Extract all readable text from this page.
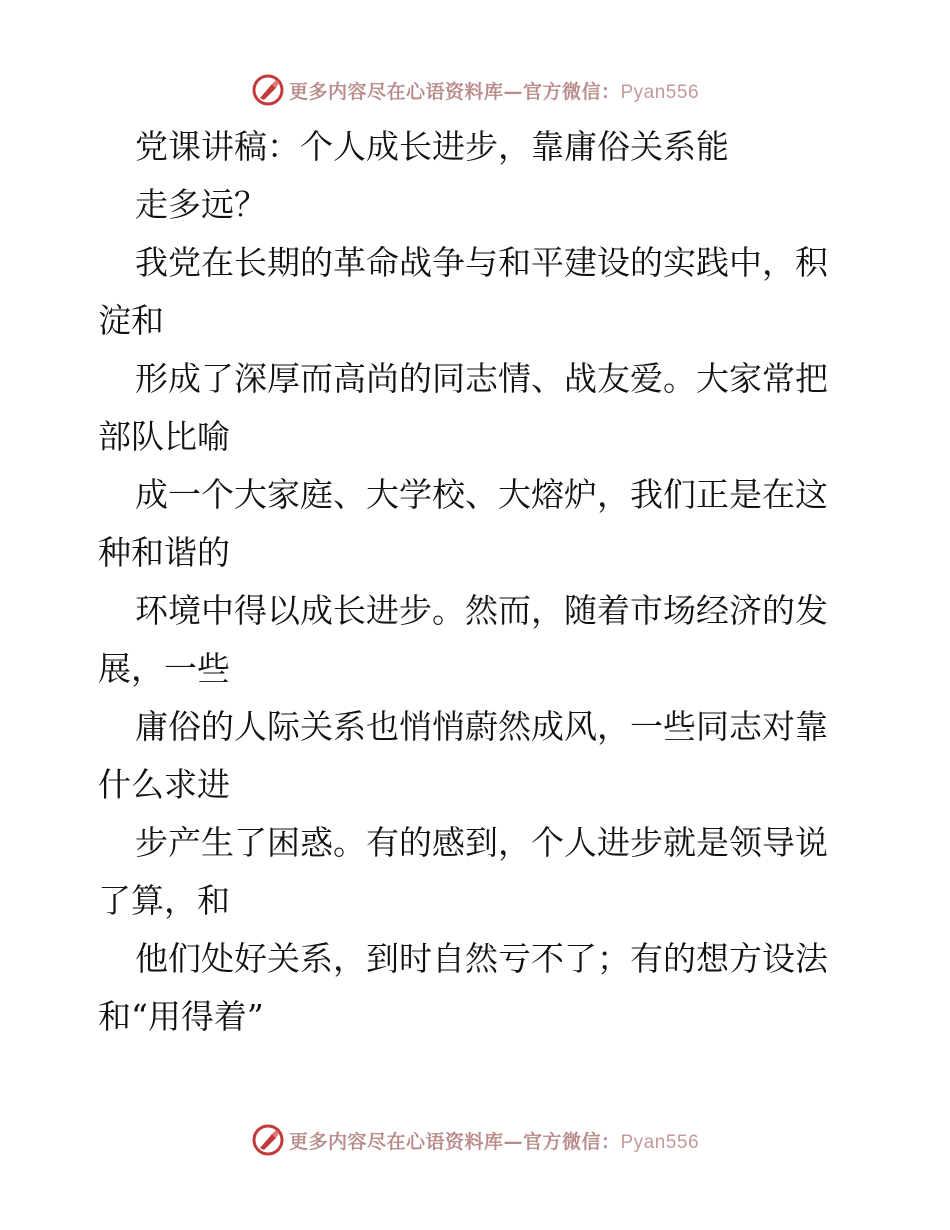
更多内容尽在心语资料库—官方微信：Pyan556
党课讲稿：个人成长进步，靠庸俗关系能
走多远？
我党在长期的革命战争与和平建设的实践中，积
淀和
形成了深厚而高尚的同志情、战友爱。大家常把
部队比喻
成一个大家庭、大学校、大熔炉，我们正是在这
种和谐的
环境中得以成长进步。然而，随着市场经济的发
展，一些
庸俗的人际关系也悄悄蔚然成风，一些同志对靠
什么求进
步产生了困惑。有的感到，个人进步就是领导说
了算，和
他们处好关系，到时自然亏不了；有的想方设法
和“用得着”
更多内容尽在心语资料库—官方微信：Pyan556
